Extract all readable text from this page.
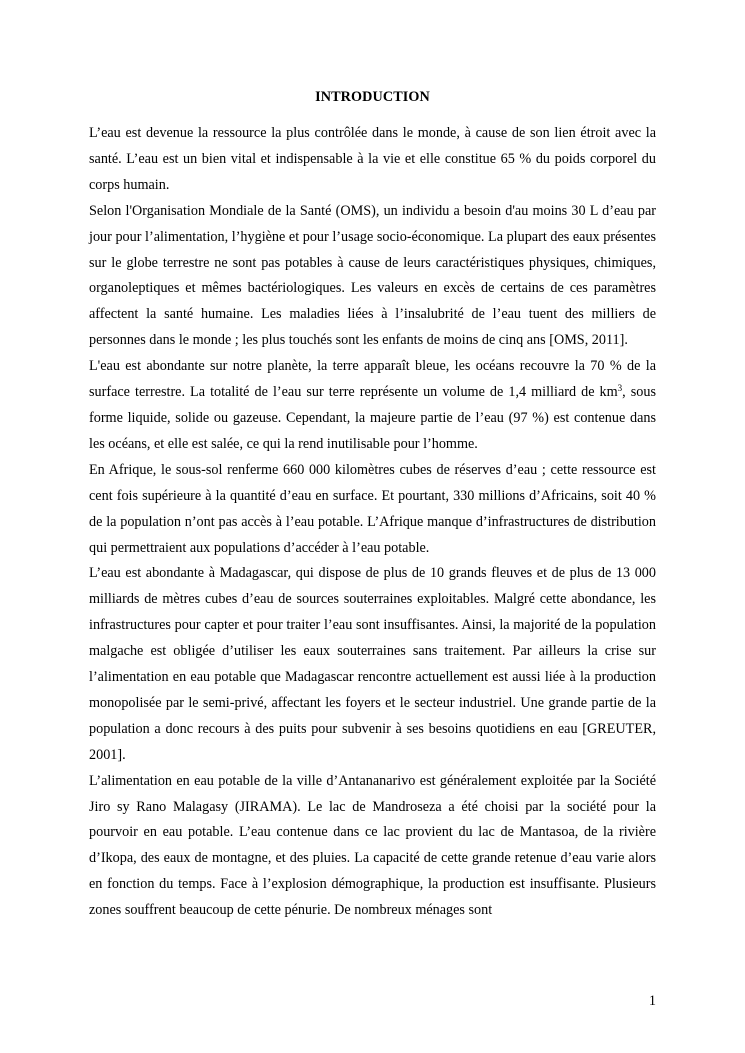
INTRODUCTION

L’eau est devenue la ressource la plus contrôlée dans le monde, à cause de son lien étroit avec la santé. L’eau est un bien vital et indispensable à la vie et elle constitue 65 % du poids corporel du corps humain.

Selon l'Organisation Mondiale de la Santé (OMS), un individu a besoin d'au moins 30 L d’eau par jour pour l’alimentation, l’hygiène et pour l’usage socio-économique. La plupart des eaux présentes sur le globe terrestre ne sont pas potables à cause de leurs caractéristiques physiques, chimiques, organoleptiques et mêmes bactériologiques. Les valeurs en excès de certains de ces paramètres affectent la santé humaine. Les maladies liées à l’insalubrité de l’eau tuent des milliers de personnes dans le monde ; les plus touchés sont les enfants de moins de cinq ans [OMS, 2011].

L'eau est abondante sur notre planète, la terre apparaît bleue, les océans recouvre la 70 % de la surface terrestre. La totalité de l’eau sur terre représente un volume de 1,4 milliard de $km^3$, sous forme liquide, solide ou gazeuse. Cependant, la majeure partie de l’eau (97 %) est contenue dans les océans, et elle est salée, ce qui la rend inutilisable pour l’homme.

En Afrique, le sous-sol renferme 660 000 kilomètres cubes de réserves d’eau ; cette ressource est cent fois supérieure à la quantité d’eau en surface. Et pourtant, 330 millions d’Africains, soit 40 % de la population n’ont pas accès à l’eau potable. L’Afrique manque d’infrastructures de distribution qui permettraient aux populations d’accéder à l’eau potable.

L’eau est abondante à Madagascar, qui dispose de plus de 10 grands fleuves et de plus de 13 000 milliards de mètres cubes d’eau de sources souterraines exploitables. Malgré cette abondance, les infrastructures pour capter et pour traiter l’eau sont insuffisantes. Ainsi, la majorité de la population malgache est obligée d’utiliser les eaux souterraines sans traitement. Par ailleurs la crise sur l’alimentation en eau potable que Madagascar rencontre actuellement est aussi liée à la production monopolisée par le semi-privé, affectant les foyers et le secteur industriel. Une grande partie de la population a donc recours à des puits pour subvenir à ses besoins quotidiens en eau [GREUTER, 2001].

L’alimentation en eau potable de la ville d’Antananarivo est généralement exploitée par la Société Jiro sy Rano Malagasy (JIRAMA). Le lac de Mandroseza a été choisi par la société pour la pourvoir en eau potable. L’eau contenue dans ce lac provient du lac de Mantasoa, de la rivière d’Ikopa, des eaux de montagne, et des pluies. La capacité de cette grande retenue d’eau varie alors en fonction du temps. Face à l’explosion démographique, la production est insuffisante. Plusieurs zones souffrent beaucoup de cette pénurie. De nombreux ménages sont

1
